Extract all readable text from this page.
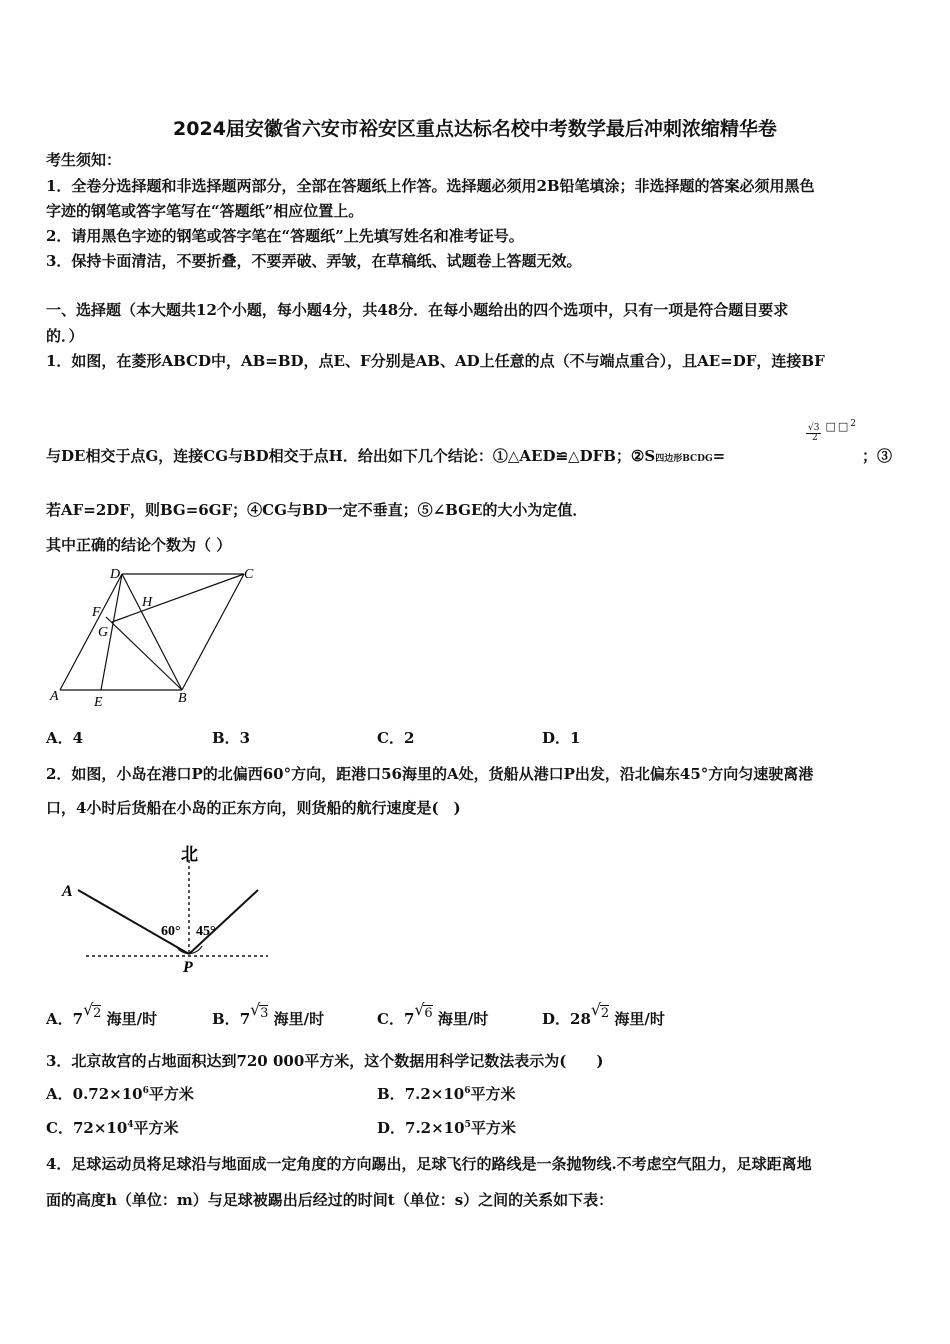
2024届安徽省六安市裕安区重点达标名校中考数学最后冲刺浓缩精华卷
考生须知：
1．全卷分选择题和非选择题两部分，全部在答题纸上作答。选择题必须用2B铅笔填涂；非选择题的答案必须用黑色
字迹的钢笔或答字笔写在“答题纸”相应位置上。
2．请用黑色字迹的钢笔或答字笔在“答题纸”上先填写姓名和准考证号。
3．保持卡面清洁，不要折叠，不要弄破、弄皱，在草稿纸、试题卷上答题无效。
一、选择题（本大题共12个小题，每小题4分，共48分．在每小题给出的四个选项中，只有一项是符合题目要求
的．）
1．如图，在菱形ABCD中，AB=BD，点E、F分别是AB、AD上任意的点（不与端点重合），且AE=DF，连接BF
与DE相交于点G，连接CG与BD相交于点H．给出如下几个结论：①△AED≌△DFB；②S四边形BCDG=
√3 □□$^2$
2
；③
若AF=2DF，则BG=6GF；④CG与BD一定不垂直；⑤∠BGE的大小为定值．
其中正确的结论个数为（ ）
D	C
F
H
G
A	E	B
A．4	B．3	C．2	D．1
2．如图，小岛在港口P的北偏西60°方向，距港口56海里的A处，货船从港口P出发，沿北偏东45°方向匀速驶离港
口，4小时后货船在小岛的正东方向，则货船的航行速度是(　)
北
A
60° 45°
P
A．7 √ 2 海里/时	B．7 √ 3 海里/时	C．7 √ 6 海里/时	D．28 √ 2 海里/时
3．北京故宫的占地面积达到720 000平方米，这个数据用科学记数法表示为(　　)
A．$0.72\times 10^6$平方米	B．$7.2\times 10^6$平方米
C．$72\times 10^4$平方米	D．$7.2\times 10^5$平方米
4．足球运动员将足球沿与地面成一定角度的方向踢出，足球飞行的路线是一条抛物线.不考虑空气阻力，足球距离地
面的高度h（单位：m）与足球被踢出后经过的时间t（单位：s）之间的关系如下表：
